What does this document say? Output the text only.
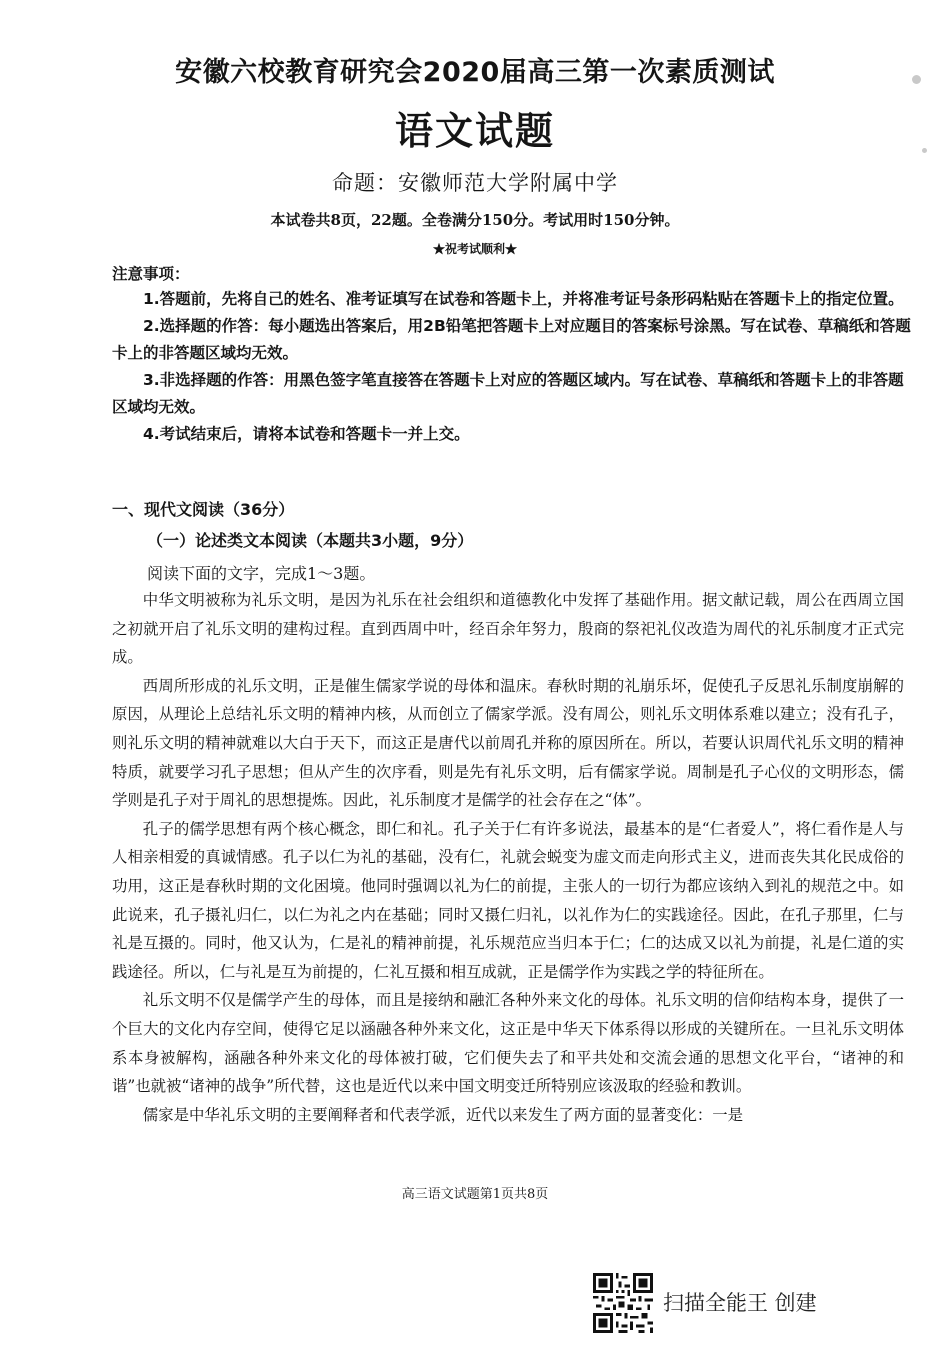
安徽六校教育研究会2020届高三第一次素质测试
语文试题
命题：安徽师范大学附属中学
本试卷共8页，22题。全卷满分150分。考试用时150分钟。
★祝考试顺利★
注意事项：
1.答题前，先将自己的姓名、准考证填写在试卷和答题卡上，并将准考证号条形码粘贴在答题卡上的指定位置。
2.选择题的作答：每小题选出答案后，用2B铅笔把答题卡上对应题目的答案标号涂黑。写在试卷、草稿纸和答题卡上的非答题区域均无效。
3.非选择题的作答：用黑色签字笔直接答在答题卡上对应的答题区域内。写在试卷、草稿纸和答题卡上的非答题区域均无效。
4.考试结束后，请将本试卷和答题卡一并上交。
一、现代文阅读（36分）
（一）论述类文本阅读（本题共3小题，9分）
阅读下面的文字，完成1～3题。

中华文明被称为礼乐文明，是因为礼乐在社会组织和道德教化中发挥了基础作用。据文献记载，周公在西周立国之初就开启了礼乐文明的建构过程。直到西周中叶，经百余年努力，殷商的祭祀礼仪改造为周代的礼乐制度才正式完成。

西周所形成的礼乐文明，正是催生儒家学说的母体和温床。春秋时期的礼崩乐坏，促使孔子反思礼乐制度崩解的原因，从理论上总结礼乐文明的精神内核，从而创立了儒家学派。没有周公，则礼乐文明体系难以建立；没有孔子，则礼乐文明的精神就难以大白于天下，而这正是唐代以前周孔并称的原因所在。所以，若要认识周代礼乐文明的精神特质，就要学习孔子思想；但从产生的次序看，则是先有礼乐文明，后有儒家学说。周制是孔子心仪的文明形态，儒学则是孔子对于周礼的思想提炼。因此，礼乐制度才是儒学的社会存在之“体”。

孔子的儒学思想有两个核心概念，即仁和礼。孔子关于仁有许多说法，最基本的是“仁者爱人”，将仁看作是人与人相亲相爱的真诚情感。孔子以仁为礼的基础，没有仁，礼就会蜕变为虚文而走向形式主义，进而丧失其化民成俗的功用，这正是春秋时期的文化困境。他同时强调以礼为仁的前提，主张人的一切行为都应该纳入到礼的规范之中。如此说来，孔子摄礼归仁，以仁为礼之内在基础；同时又摄仁归礼，以礼作为仁的实践途径。因此，在孔子那里，仁与礼是互摄的。同时，他又认为，仁是礼的精神前提，礼乐规范应当归本于仁；仁的达成又以礼为前提，礼是仁道的实践途径。所以，仁与礼是互为前提的，仁礼互摄和相互成就，正是儒学作为实践之学的特征所在。

礼乐文明不仅是儒学产生的母体，而且是接纳和融汇各种外来文化的母体。礼乐文明的信仰结构本身，提供了一个巨大的文化内存空间，使得它足以涵融各种外来文化，这正是中华天下体系得以形成的关键所在。一旦礼乐文明体系本身被解构，涵融各种外来文化的母体被打破，它们便失去了和平共处和交流会通的思想文化平台，“诸神的和谐”也就被“诸神的战争”所代替，这也是近代以来中国文明变迁所特别应该汲取的经验和教训。

儒家是中华礼乐文明的主要阐释者和代表学派，近代以来发生了两方面的显著变化：一是

高三语文试题第1页共8页
扫描全能王 创建
